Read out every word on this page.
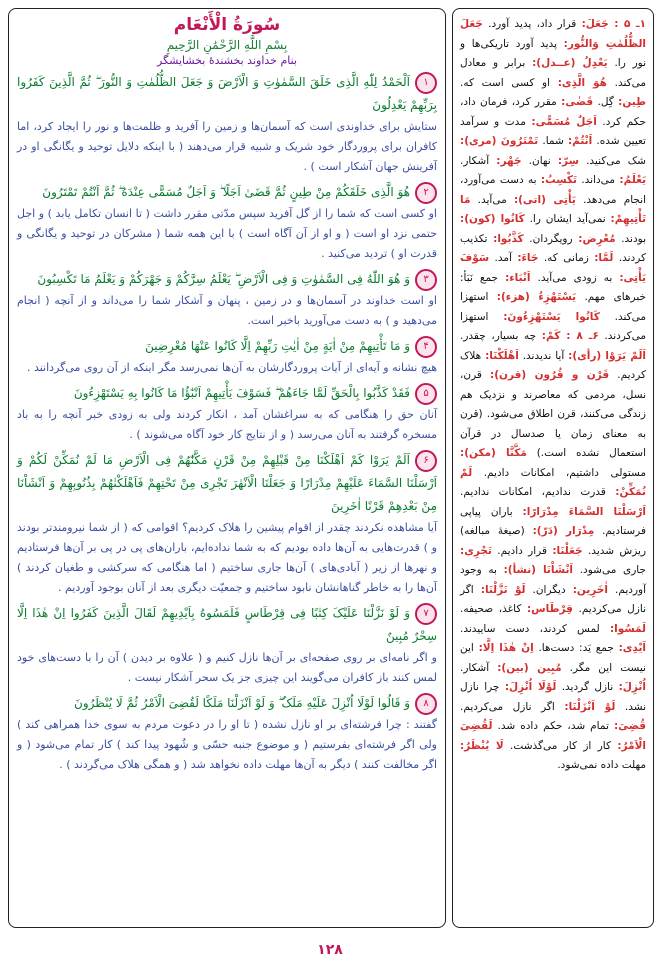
سُورَةُ الْأَنْعَام
بِسْمِ اللَّهِ الرَّحْمَٰنِ الرَّحِيمِ
بنام خداوند بخشندهٔ بخشایشگر
۱اَلْحَمْدُ لِلّٰهِ الَّذِی خَلَقَ السَّمٰوٰتِ وَ الْاَرْضَ وَ جَعَلَ الظُّلُمٰتِ وَ النُّورَ ۖ ثُمَّ الَّذِینَ کَفَرُوا بِرَبِّهِمْ یَعْدِلُونَ
ستایش برای خداوندی است که آسمان‌ها و زمین را آفرید و ظلمت‌ها و نور را ایجاد کرد، اما کافران برای پروردگار خود شریک و شبیه قرار می‌دهند ( با اینکه دلایل توحید و یگانگی او در آفرینش جهان آشکار است ) .
۲هُوَ الَّذِی خَلَقَکُمْ مِنْ طِینٍ ثُمَّ قَضَیٰ اَجَلًا ۖ وَ اَجَلٌ مُسَمًّی عِنْدَهُ ۖ ثُمَّ اَنْتُمْ تَمْتَرُونَ
او کسی است که شما را از گل آفرید سپس مدّتی مقرر داشت ( تا انسان تکامل یابد ) و اجل حتمی نزد او است ( و او از آن آگاه است ) با این همه شما ( مشرکان در توحید و یگانگی و قدرت او ) تردید می‌کنید .
۳وَ هُوَ اللّٰهُ فِی السَّمٰوٰتِ وَ فِی الْاَرْضِ ۖ یَعْلَمُ سِرَّکُمْ وَ جَهْرَکُمْ وَ یَعْلَمُ مَا تَکْسِبُونَ
او است خداوند در آسمان‌ها و در زمین ، پنهان و آشکار شما را می‌داند و از آنچه ( انجام می‌دهید و ) به دست می‌آورید باخبر است.
۴وَ مَا تَأْتِیهِمْ مِنْ اٰیَةٍ مِنْ اٰیٰتِ رَبِّهِمْ اِلَّا کَانُوا عَنْهَا مُعْرِضِینَ
هیچ نشانه و آیه‌ای از آیات پروردگارشان به آن‌ها نمی‌رسد مگر اینکه از آن روی می‌گردانند .
۵فَقَدْ کَذَّبُوا بِالْحَقِّ لَمَّا جَاءَهُمْ ۖ فَسَوْفَ یَأْتِیهِمْ اَنْبٰٓؤُا مَا کَانُوا بِهِ یَسْتَهْزِءُونَ
آنان حق را هنگامی که به سراغشان آمد ، انکار کردند ولی به زودی خبر آنچه را به باد مسخره گرفتند به آنان می‌رسد ( و از نتایج کار خود آگاه می‌شوند ) .
۶اَلَمْ یَرَوْا کَمْ اَهْلَکْنَا مِنْ قَبْلِهِمْ مِنْ قَرْنٍ مَکَّنّٰهُمْ فِی الْاَرْضِ مَا لَمْ نُمَکِّنْ لَکُمْ وَ اَرْسَلْنَا السَّمَاءَ عَلَیْهِمْ مِدْرَارًا وَ جَعَلْنَا الْاَنْهٰرَ تَجْرِی مِنْ تَحْتِهِمْ فَاَهْلَکْنٰهُمْ بِذُنُوبِهِمْ وَ اَنْشَاْنَا مِنْ بَعْدِهِمْ قَرْنًا اٰخَرِینَ
آیا مشاهده نکردند چقدر از اقوام پیشین را هلاک کردیم؟ اقوامی که ( از شما نیرومندتر بودند و ) قدرت‌هایی به آن‌ها داده بودیم که به شما نداده‌ایم، باران‌های پی در پی بر آن‌ها فرستادیم و نهرها از زیر ( آبادی‌های ) آن‌ها جاری ساختیم ( اما هنگامی که سرکشی و طغیان کردند ) آن‌ها را به خاطر گناهانشان نابود ساختیم و جمعیّت دیگری بعد از آنان بوجود آوردیم .
۷وَ لَوْ نَزَّلْنَا عَلَیْکَ کِتٰبًا فِی قِرْطَاسٍ فَلَمَسُوهُ بِاَیْدِیهِمْ لَقَالَ الَّذِینَ کَفَرُوا اِنْ هٰذَا اِلَّا سِحْرٌ مُبِینٌ
و اگر نامه‌ای بر روی صفحه‌ای بر آن‌ها نازل کنیم و ( علاوه بر دیدن ) آن را با دست‌های خود لمس کنند باز کافران می‌گویند این چیزی جز یک سحر آشکار نیست .
۸وَ قَالُوا لَوْلَا اُنْزِلَ عَلَیْهِ مَلَکٌ ۖ وَ لَوْ اَنْزَلْنَا مَلَکًا لَقُضِیَ الْاَمْرُ ثُمَّ لَا یُنْظَرُونَ
گفتند : چرا فرشته‌ای بر او نازل نشده ( تا او را در دعوت مردم به سوی خدا همراهی کند ) ولی اگر فرشته‌ای بفرستیم ( و موضوع جنبه حسّی و شُهود پیدا کند ) کار تمام می‌شود ( و اگر مخالفت کنند ) دیگر به آن‌ها مهلت داده نخواهد شد ( و همگی هلاک می‌گردند ) .
۱ـ ۵ : جَعَلَ: قرار داد، پدید آورد. جَعَلَ الظُّلُمٰتِ وَالنُّور: پدید آورد تاریکی‌ها و نور را. یَعْدِلُ (عــدل): برابر و معادل می‌کند. هُوَ الَّذِی: او کسی است که. طِین: گِل. قَضٰی: مقرر کرد، فرمان داد، حکم کرد. اَجَلٌ مُسَمًّی: مدت و سرآمد تعیین شده. اَنْتُمْ: شما. تَمْتَرُونَ (مری): شک می‌کنید. سِرّ: نهان. جَهْر: آشکار. یَعْلَمُ: می‌داند. تَکْسِبُ: به دست می‌آورد، انجام می‌دهد. یَأْتِی (اتی): می‌آید. مَا تَأْتِیهِمْ: نمی‌آید ایشان را. کَانُوا (کون): بودند. مُعْرِض: رویگردان. کَذَّبُوا: تکذیب کردند. لَمَّا: زمانی که. جَاءَ: آمد. سَوْفَ یَأْتِی: به زودی می‌آید. اَنْبَاء: جمع نَبَأ: خبرهای مهم. یَسْتَهْزِءُ (هزء): استهزا می‌کند. کَانُوا یَسْتَهْزِءُونَ: استهزا می‌کردند. ۶ـ ۸ : کَمْ: چه بسیار، چقدر. اَلَمْ یَرَوْا (رأی): آیا ندیدند. اَهْلَکْنَا: هلاک کردیم. قَرْن و قُرُون (قرن): قرن، نسل، مردمی که معاصرند و نزدیک هم زندگی می‌کنند، قرن اطلاق می‌شود. (قرن به معنای زمان یا صدسال در قرآن استعمال نشده است.) مَکَّنَّا (مکن): مستولی داشتیم، امکانات دادیم. لَمْ نُمَکِّنْ: قدرت ندادیم، امکانات ندادیم. اَرْسَلْنَا السَّمَاءَ مِدْرَارًا: باران پیاپی فرستادیم. مِدْرَار (دَرّ): (صیغهٔ مبالغه) ریزش شدید. جَعَلْنَا: قرار دادیم. تَجْرِی: جاری می‌شود. اَنْشَاْنَا (نشأ): به وجود آوردیم. اٰخَرِین: دیگران. لَوْ نَزَّلْنَا: اگر نازل می‌کردیم. قِرْطَاس: کاغذ، صحیفه. لَمَسُوا: لمس کردند، دست ساییدند. اَیْدِی: جمع یَد: دست‌ها. اِنْ هٰذَا اِلَّا: این نیست این مگر. مُبِین (بین): آشکار. اُنْزِلَ: نازل گردید. لَوْلَا اُنْزِلَ: چرا نازل نشد. لَوْ اَنْزَلْنَا: اگر نازل می‌کردیم. قُضِیَ: تمام شد، حکم داده شد. لَقُضِیَ الْاَمْرُ: کار از کار می‌گذشت. لَا یُنْظَرُ: مهلت داده نمی‌شود.
۱۲۸
